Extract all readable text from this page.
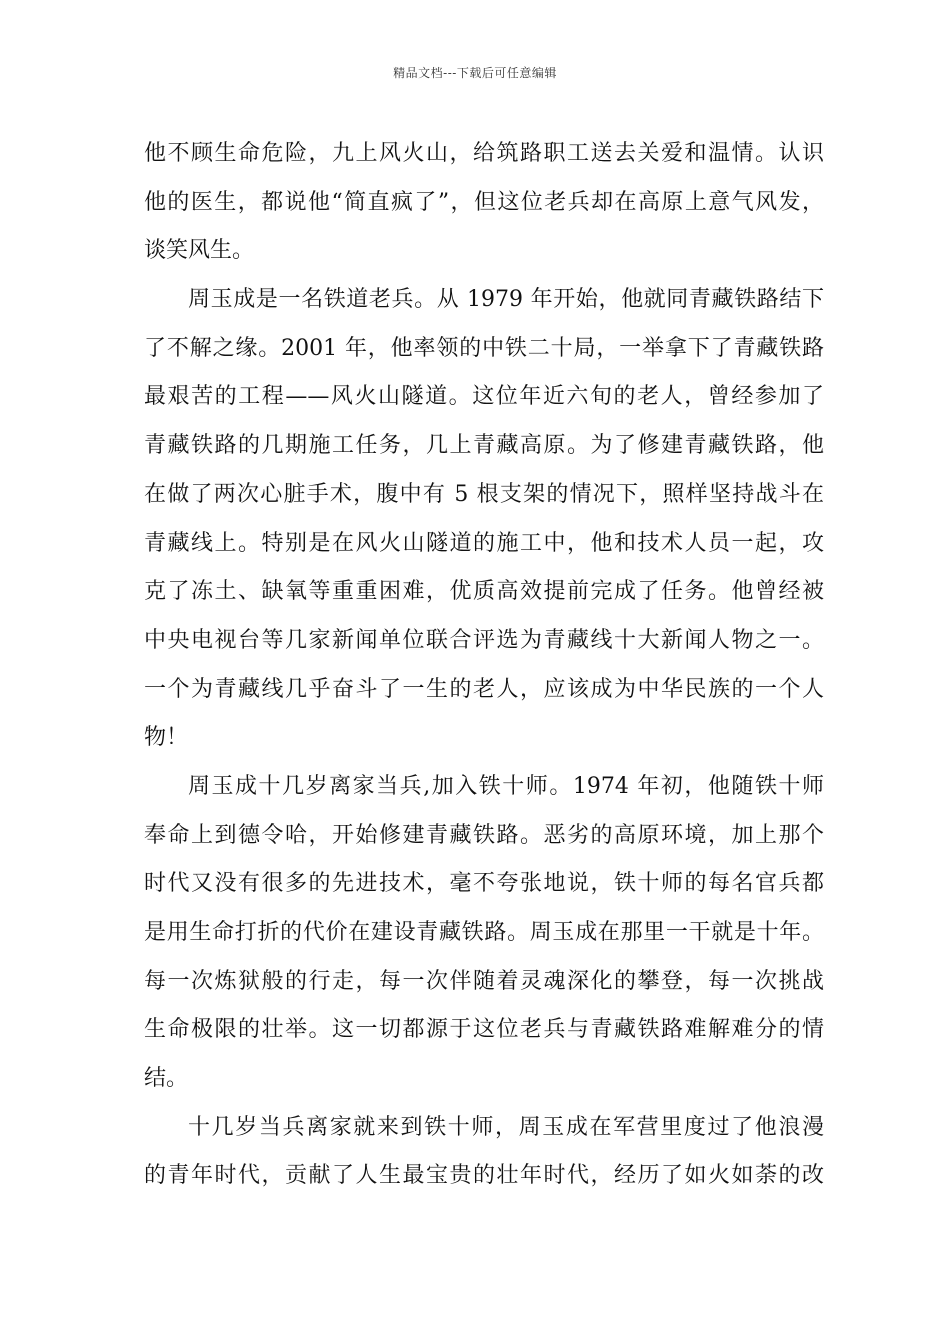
精品文档---下载后可任意编辑
他不顾生命危险，九上风火山，给筑路职工送去关爱和温情。认识
他的医生，都说他“简直疯了”，但这位老兵却在高原上意气风发，
谈笑风生。
周玉成是一名铁道老兵。从 1979 年开始，他就同青藏铁路结下
了不解之缘。2001 年，他率领的中铁二十局，一举拿下了青藏铁路
最艰苦的工程——风火山隧道。这位年近六旬的老人，曾经参加了
青藏铁路的几期施工任务，几上青藏高原。为了修建青藏铁路，他
在做了两次心脏手术，腹中有 5 根支架的情况下，照样坚持战斗在
青藏线上。特别是在风火山隧道的施工中，他和技术人员一起，攻
克了冻土、缺氧等重重困难，优质高效提前完成了任务。他曾经被
中央电视台等几家新闻单位联合评选为青藏线十大新闻人物之一。
一个为青藏线几乎奋斗了一生的老人，应该成为中华民族的一个人
物！
周玉成十几岁离家当兵,加入铁十师。1974 年初，他随铁十师
奉命上到德令哈，开始修建青藏铁路。恶劣的高原环境，加上那个
时代又没有很多的先进技术，毫不夸张地说，铁十师的每名官兵都
是用生命打折的代价在建设青藏铁路。周玉成在那里一干就是十年。
每一次炼狱般的行走，每一次伴随着灵魂深化的攀登，每一次挑战
生命极限的壮举。这一切都源于这位老兵与青藏铁路难解难分的情
结。
十几岁当兵离家就来到铁十师，周玉成在军营里度过了他浪漫
的青年时代，贡献了人生最宝贵的壮年时代，经历了如火如荼的改
